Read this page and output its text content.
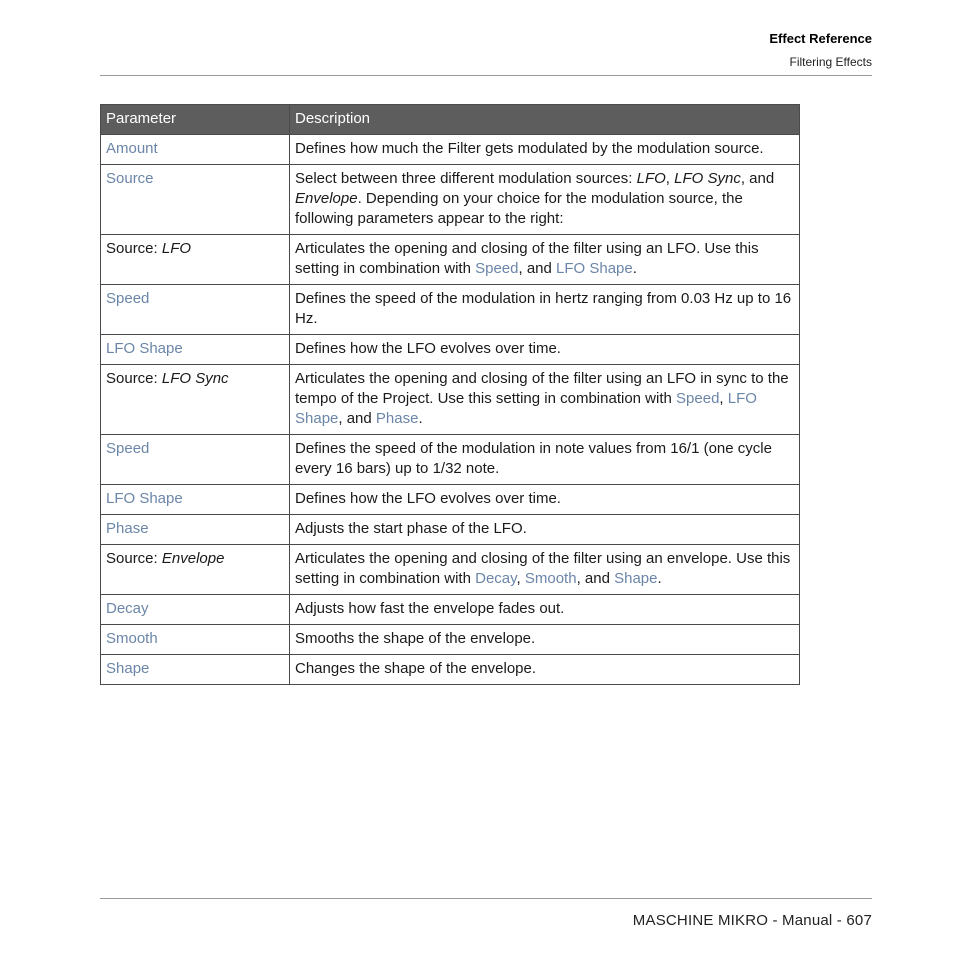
Effect Reference
Filtering Effects
Parameter	Description
Amount	Defines how much the Filter gets modulated by the modulation source.
Source	Select between three different modulation sources: LFO, LFO Sync, and Envelope. Depending on your choice for the modulation source, the following parameters appear to the right:
Source: LFO	Articulates the opening and closing of the filter using an LFO. Use this setting in combination with Speed, and LFO Shape.
Speed	Defines the speed of the modulation in hertz ranging from 0.03 Hz up to 16 Hz.
LFO Shape	Defines how the LFO evolves over time.
Source: LFO Sync	Articulates the opening and closing of the filter using an LFO in sync to the tempo of the Project. Use this setting in combination with Speed, LFO Shape, and Phase.
Speed	Defines the speed of the modulation in note values from 16/1 (one cycle every 16 bars) up to 1/32 note.
LFO Shape	Defines how the LFO evolves over time.
Phase	Adjusts the start phase of the LFO.
Source: Envelope	Articulates the opening and closing of the filter using an envelope. Use this setting in combination with Decay, Smooth, and Shape.
Decay	Adjusts how fast the envelope fades out.
Smooth	Smooths the shape of the envelope.
Shape	Changes the shape of the envelope.
MASCHINE MIKRO - Manual - 607
